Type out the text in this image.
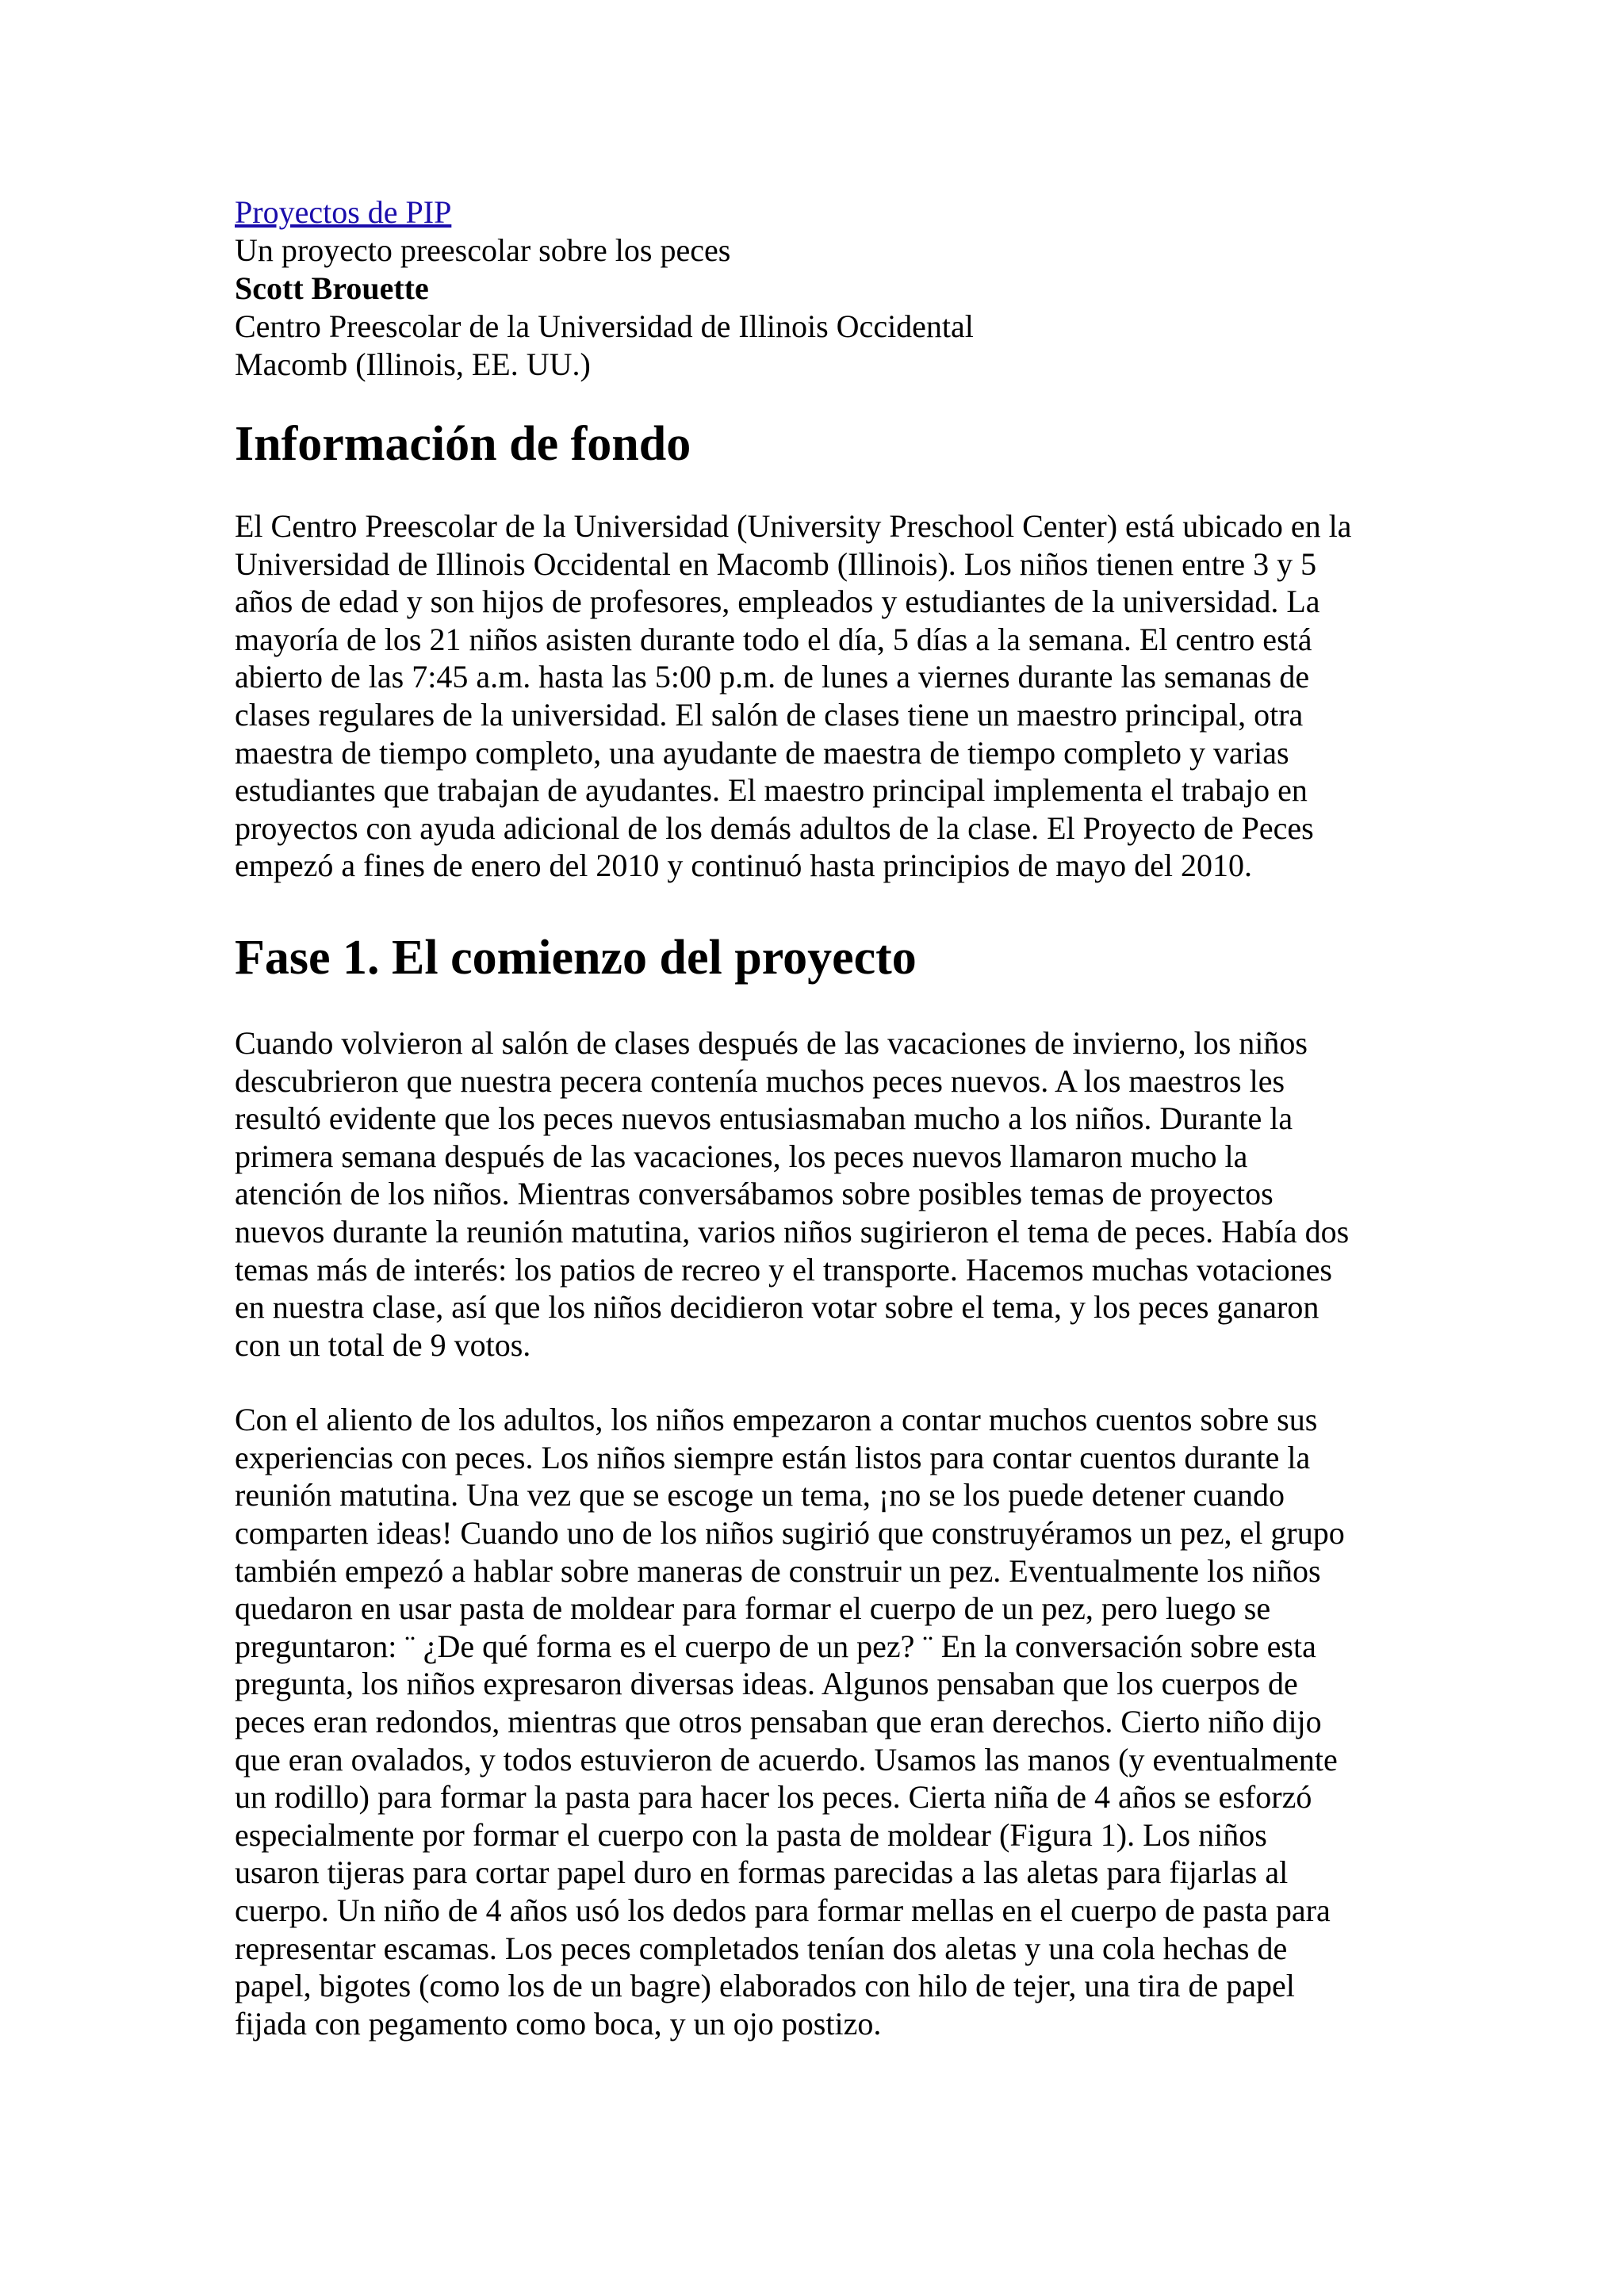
Proyectos de PIP
Un proyecto preescolar sobre los peces
Scott Brouette
Centro Preescolar de la Universidad de Illinois Occidental
Macomb (Illinois, EE. UU.)
Información de fondo
El Centro Preescolar de la Universidad (University Preschool Center) está ubicado en la
Universidad de Illinois Occidental en Macomb (Illinois). Los niños tienen entre 3 y 5
años de edad y son hijos de profesores, empleados y estudiantes de la universidad. La
mayoría de los 21 niños asisten durante todo el día, 5 días a la semana. El centro está
abierto de las 7:45 a.m. hasta las 5:00 p.m. de lunes a viernes durante las semanas de
clases regulares de la universidad. El salón de clases tiene un maestro principal, otra
maestra de tiempo completo, una ayudante de maestra de tiempo completo y varias
estudiantes que trabajan de ayudantes. El maestro principal implementa el trabajo en
proyectos con ayuda adicional de los demás adultos de la clase. El Proyecto de Peces
empezó a fines de enero del 2010 y continuó hasta principios de mayo del 2010.
Fase 1. El comienzo del proyecto
Cuando volvieron al salón de clases después de las vacaciones de invierno, los niños
descubrieron que nuestra pecera contenía muchos peces nuevos. A los maestros les
resultó evidente que los peces nuevos entusiasmaban mucho a los niños. Durante la
primera semana después de las vacaciones, los peces nuevos llamaron mucho la
atención de los niños. Mientras conversábamos sobre posibles temas de proyectos
nuevos durante la reunión matutina, varios niños sugirieron el tema de peces. Había dos
temas más de interés: los patios de recreo y el transporte. Hacemos muchas votaciones
en nuestra clase, así que los niños decidieron votar sobre el tema, y los peces ganaron
con un total de 9 votos.
Con el aliento de los adultos, los niños empezaron a contar muchos cuentos sobre sus
experiencias con peces. Los niños siempre están listos para contar cuentos durante la
reunión matutina. Una vez que se escoge un tema, ¡no se los puede detener cuando
comparten ideas! Cuando uno de los niños sugirió que construyéramos un pez, el grupo
también empezó a hablar sobre maneras de construir un pez. Eventualmente los niños
quedaron en usar pasta de moldear para formar el cuerpo de un pez, pero luego se
preguntaron: ¨ ¿De qué forma es el cuerpo de un pez? ¨ En la conversación sobre esta
pregunta, los niños expresaron diversas ideas. Algunos pensaban que los cuerpos de
peces eran redondos, mientras que otros pensaban que eran derechos. Cierto niño dijo
que eran ovalados, y todos estuvieron de acuerdo. Usamos las manos (y eventualmente
un rodillo) para formar la pasta para hacer los peces. Cierta niña de 4 años se esforzó
especialmente por formar el cuerpo con la pasta de moldear (Figura 1). Los niños
usaron tijeras para cortar papel duro en formas parecidas a las aletas para fijarlas al
cuerpo. Un niño de 4 años usó los dedos para formar mellas en el cuerpo de pasta para
representar escamas. Los peces completados tenían dos aletas y una cola hechas de
papel, bigotes (como los de un bagre) elaborados con hilo de tejer, una tira de papel
fijada con pegamento como boca, y un ojo postizo.
